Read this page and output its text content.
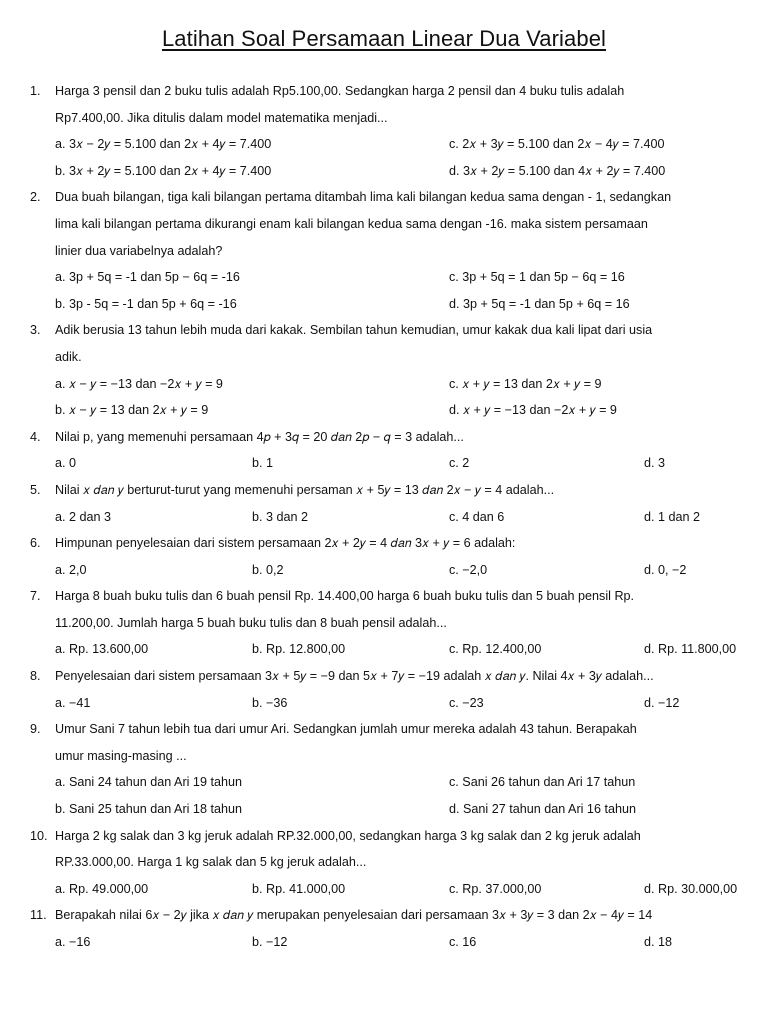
Latihan Soal Persamaan Linear Dua Variabel
1.	Harga 3 pensil dan 2 buku tulis adalah Rp5.100,00. Sedangkan harga 2 pensil dan 4 buku tulis adalah
Rp7.400,00. Jika ditulis dalam model matematika menjadi...
a. 3𝑥 − 2𝑦 = 5.100 dan 2𝑥 + 4𝑦 = 7.400	c. 2𝑥 + 3𝑦 = 5.100 dan 2𝑥 − 4𝑦 = 7.400
b. 3𝑥 + 2𝑦 = 5.100 dan 2𝑥 + 4𝑦 = 7.400	d. 3𝑥 + 2𝑦 = 5.100 dan 4𝑥 + 2𝑦 = 7.400
2.	Dua buah bilangan, tiga kali bilangan pertama ditambah lima kali bilangan kedua sama dengan - 1, sedangkan
lima kali bilangan pertama dikurangi enam kali bilangan kedua sama dengan -16. maka sistem persamaan
linier dua variabelnya adalah?
a. 3p + 5q = -1 dan 5p − 6q = -16	c. 3p + 5q = 1 dan 5p − 6q = 16
b. 3p - 5q = -1 dan 5p + 6q = -16	d. 3p + 5q = -1 dan 5p + 6q = 16
3.	Adik berusia 13 tahun lebih muda dari kakak. Sembilan tahun kemudian, umur kakak dua kali lipat dari usia
adik.
a. 𝑥 − 𝑦 = −13 dan −2𝑥 + 𝑦 = 9	c. 𝑥 + 𝑦 = 13 dan 2𝑥 + 𝑦 = 9
b. 𝑥 − 𝑦 = 13 dan 2𝑥 + 𝑦 = 9	d. 𝑥 + 𝑦 = −13 dan −2𝑥 + 𝑦 = 9
4.	Nilai p, yang memenuhi persamaan 4𝑝 + 3𝑞 = 20 𝑑𝑎𝑛 2𝑝 − 𝑞 = 3 adalah...
a. 0	b. 1	c. 2	d. 3
5.	Nilai 𝑥 𝑑𝑎𝑛 𝑦 berturut-turut yang memenuhi persaman 𝑥 + 5𝑦 = 13 𝑑𝑎𝑛 2𝑥 − 𝑦 = 4 adalah...
a. 2 dan 3	b. 3 dan 2	c. 4 dan 6	d. 1 dan 2
6.	Himpunan penyelesaian dari sistem persamaan 2𝑥 + 2𝑦 = 4 𝑑𝑎𝑛 3𝑥 + 𝑦 = 6 adalah:
a. 2,0	b. 0,2	c. −2,0	d. 0, −2
7.	Harga 8 buah buku tulis dan 6 buah pensil Rp. 14.400,00 harga 6 buah buku tulis dan 5 buah pensil Rp.
11.200,00. Jumlah harga 5 buah buku tulis dan 8 buah pensil adalah...
a. Rp. 13.600,00	b. Rp. 12.800,00	c. Rp. 12.400,00	d. Rp. 11.800,00
8.	Penyelesaian dari sistem persamaan 3𝑥 + 5𝑦 = −9 dan 5𝑥 + 7𝑦 = −19 adalah 𝑥 𝑑𝑎𝑛 𝑦. Nilai 4𝑥 + 3𝑦 adalah...
a. −41	b. −36	c. −23	d. −12
9.	Umur Sani 7 tahun lebih tua dari umur Ari. Sedangkan jumlah umur mereka adalah 43 tahun. Berapakah
umur masing-masing ...
a. Sani 24 tahun dan Ari 19 tahun	c. Sani 26 tahun dan Ari 17 tahun
b. Sani 25 tahun dan Ari 18 tahun	d. Sani 27 tahun dan Ari 16 tahun
10. Harga 2 kg salak dan 3 kg jeruk adalah RP.32.000,00, sedangkan harga 3 kg salak dan 2 kg jeruk adalah
RP.33.000,00. Harga 1 kg salak dan 5 kg jeruk adalah...
a. Rp. 49.000,00	b. Rp. 41.000,00	c. Rp. 37.000,00	d. Rp. 30.000,00
11. Berapakah nilai 6𝑥 − 2𝑦 jika 𝑥 𝑑𝑎𝑛 𝑦 merupakan penyelesaian dari persamaan 3𝑥 + 3𝑦 = 3 dan 2𝑥 − 4𝑦 = 14
a. −16	b. −12	c. 16	d. 18
